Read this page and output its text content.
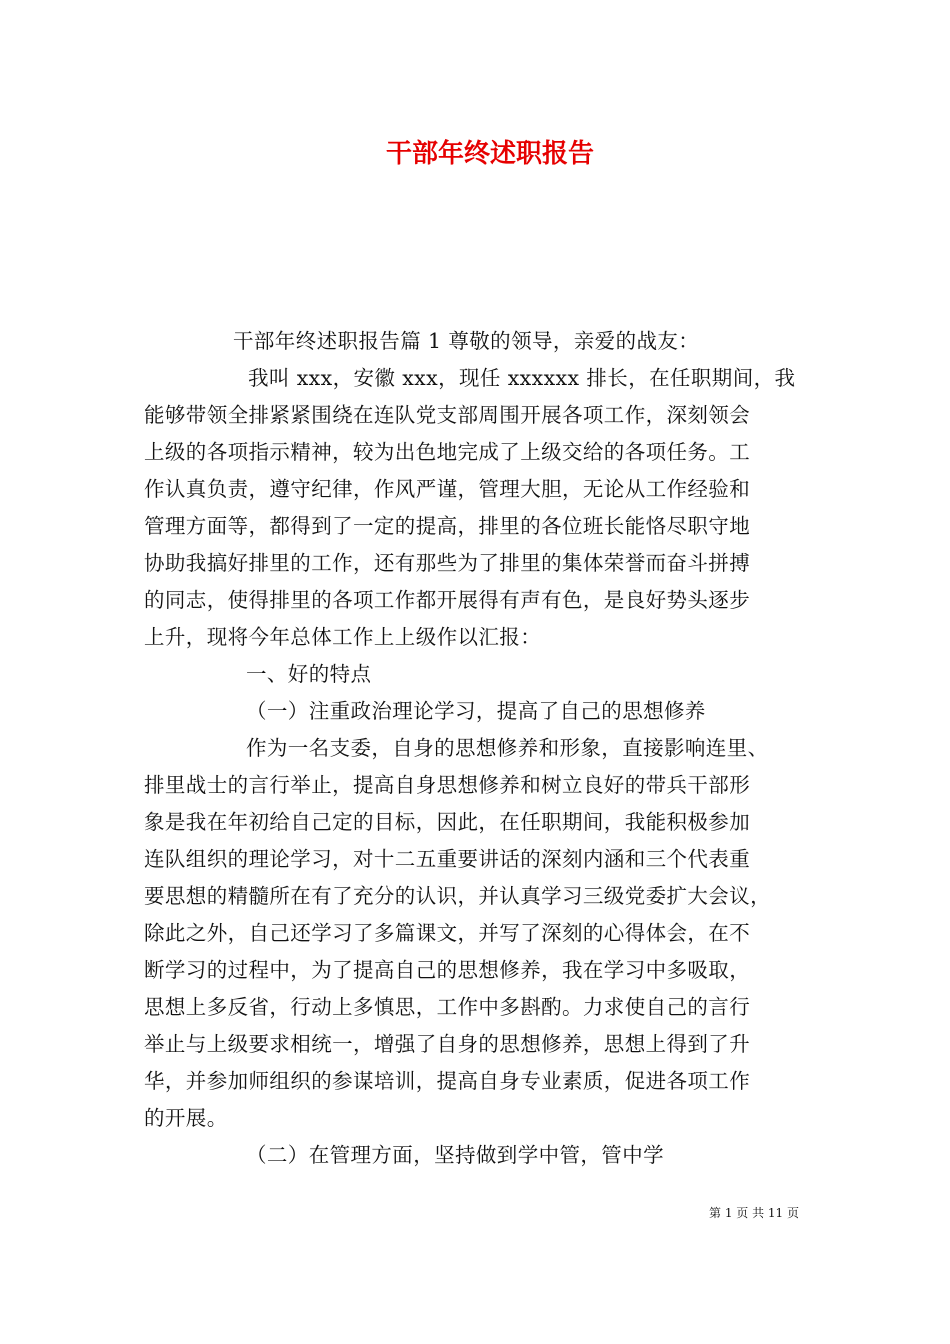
干部年终述职报告
干部年终述职报告篇 1 尊敬的领导，亲爱的战友：
我叫 xxx，安徽 xxx，现任 xxxxxx 排长，在任职期间，我
能够带领全排紧紧围绕在连队党支部周围开展各项工作，深刻领会
上级的各项指示精神，较为出色地完成了上级交给的各项任务。工
作认真负责，遵守纪律，作风严谨，管理大胆，无论从工作经验和
管理方面等，都得到了一定的提高，排里的各位班长能恪尽职守地
协助我搞好排里的工作，还有那些为了排里的集体荣誉而奋斗拼搏
的同志，使得排里的各项工作都开展得有声有色，是良好势头逐步
上升，现将今年总体工作上上级作以汇报：
一、好的特点
（一）注重政治理论学习，提高了自己的思想修养
作为一名支委，自身的思想修养和形象，直接影响连里、
排里战士的言行举止，提高自身思想修养和树立良好的带兵干部形
象是我在年初给自己定的目标，因此，在任职期间，我能积极参加
连队组织的理论学习，对十二五重要讲话的深刻内涵和三个代表重
要思想的精髓所在有了充分的认识，并认真学习三级党委扩大会议，
除此之外，自己还学习了多篇课文，并写了深刻的心得体会，在不
断学习的过程中，为了提高自己的思想修养，我在学习中多吸取，
思想上多反省，行动上多慎思，工作中多斟酌。力求使自己的言行
举止与上级要求相统一，增强了自身的思想修养，思想上得到了升
华，并参加师组织的参谋培训，提高自身专业素质，促进各项工作
的开展。
（二）在管理方面，坚持做到学中管，管中学
第 1 页 共 11 页
